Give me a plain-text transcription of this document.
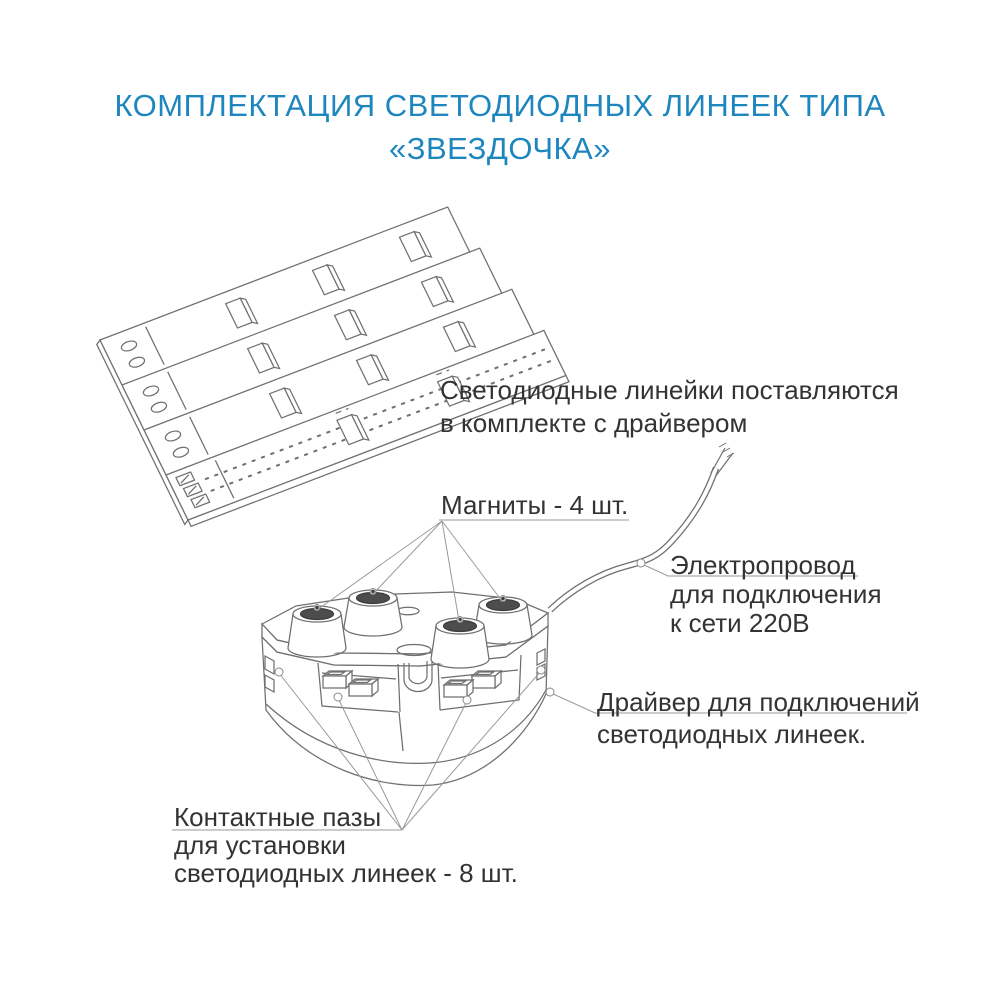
КОМПЛЕКТАЦИЯ СВЕТОДИОДНЫХ ЛИНЕЕК ТИПА
«ЗВЕЗДОЧКА»
Светодиодные линейки поставляются
в комплекте с драйвером
Магниты - 4 шт.
Электропровод
для подключения
к сети 220В
Драйвер для подключений
светодиодных линеек.
Контактные пазы
для установки
светодиодных линеек - 8 шт.
